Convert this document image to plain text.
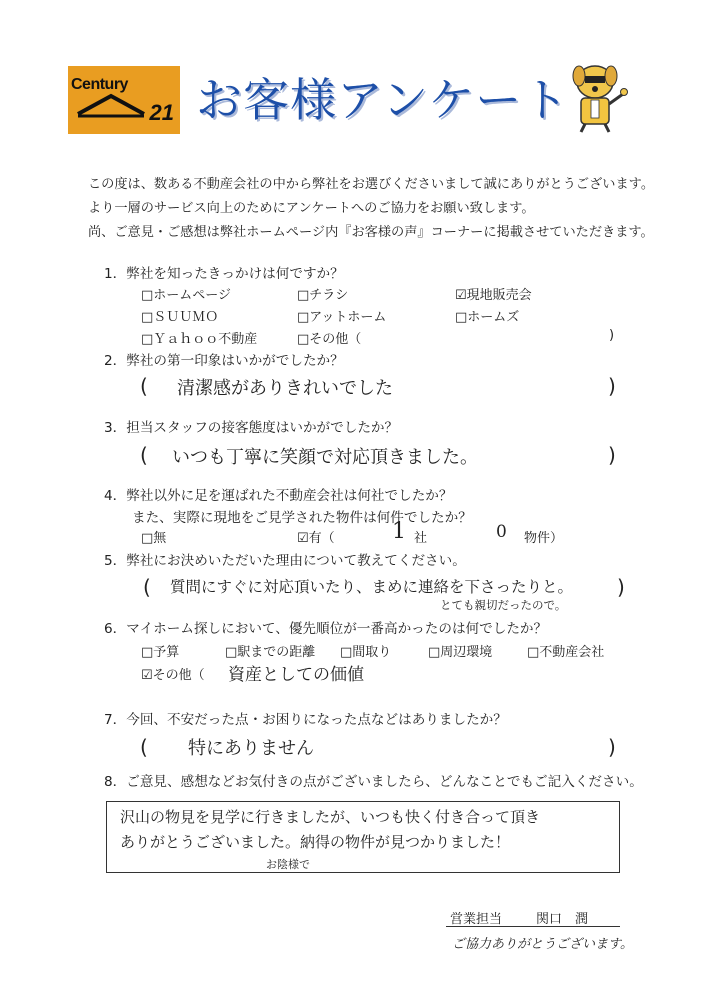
Century
21 お客様アンケート
この度は、数ある不動産会社の中から弊社をお選びくださいまして誠にありがとうございます。
より一層のサービス向上のためにアンケートへのご協力をお願い致します。
尚、ご意見・ご感想は弊社ホームページ内『お客様の声』コーナーに掲載させていただきます。
1．弊社を知ったきっかけは何ですか？
□ホームページ	□チラシ	☑現地販売会
□ＳＵＵＭＯ	□アットホーム	□ホームズ
□Ｙａｈｏｏ不動産	□その他（	)
2．弊社の第一印象はいかがでしたか？
( 清潔感がありきれいでした	)
3．担当スタッフの接客態度はいかがでしたか？
( いつも丁寧に笑顔で対応頂きました。	)
4．弊社以外に足を運ばれた不動産会社は何社でしたか？
また、実際に現地をご見学された物件は何件でしたか？
□無	☑有（	1 社	0 物件）
5．弊社にお決めいただいた理由について教えてください。
( 質問にすぐに対応頂いたり、まめに連絡を下さったりと。
とても親切だったので。
)
6．マイホーム探しにおいて、優先順位が一番高かったのは何でしたか？
□予算	□駅までの距離 □間取り	□周辺環境	□不動産会社
☑その他（ 資産としての価値
7．今回、不安だった点・お困りになった点などはありましたか？
( 特にありません	)
8．ご意見、感想などお気付きの点がございましたら、どんなことでもご記入ください。
沢山の物見を見学に行きましたが、いつも快く付き合って頂き
ありがとうございました。納得の物件が見つかりました！
お陰様で
営業担当	関口　潤
ご協力ありがとうございます。
